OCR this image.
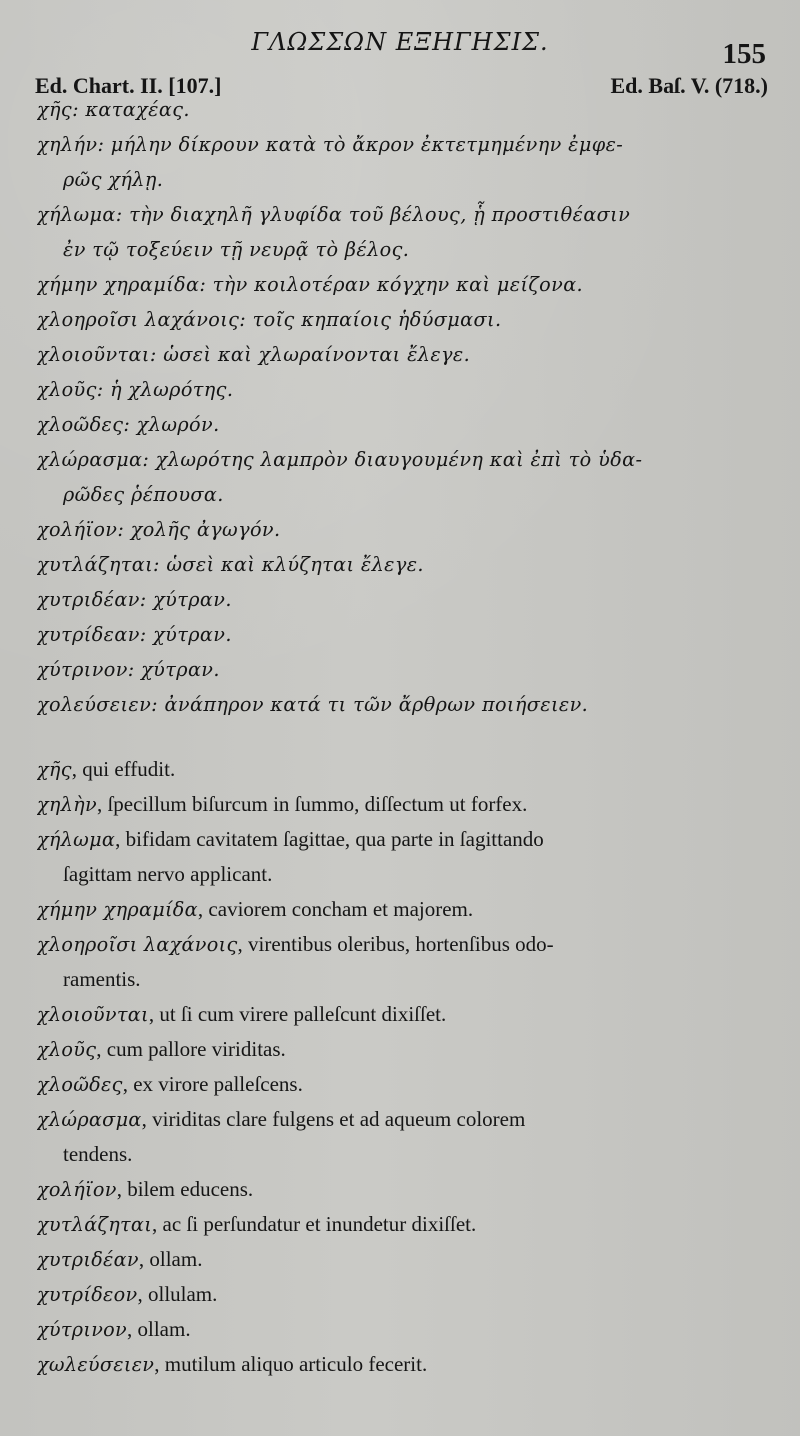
ΓΛΩΣΣΩΝ ΕΞΗΓΗΣΙΣ.	155
Ed. Chart. II. [107.]	Ed. Baſ. V. (718.)
χῆς: καταχέας.
χηλήν: μήλην δίκρουν κατὰ τὸ ἄκρον ἐκτετμημένην ἐμφε-
ρῶς χήλῃ.
χήλωμα: τὴν διαχηλῆ γλυφίδα τοῦ βέλους, ᾗ προστιθέασιν
ἐν τῷ τοξεύειν τῇ νευρᾷ τὸ βέλος.
χήμην χηραμίδα: τὴν κοιλοτέραν κόγχην καὶ μείζονα.
χλοηροῖσι λαχάνοις: τοῖς κηπαίοις ἡδύσμασι.
χλοιοῦνται: ὡσεὶ καὶ χλωραίνονται ἔλεγε.
χλοῦς: ἡ χλωρότης.
χλοῶδες: χλωρόν.
χλώρασμα: χλωρότης λαμπρὸν διαυγουμένη καὶ ἐπὶ τὸ ὑδα-
ρῶδες ῥέπουσα.
χολήϊον: χολῆς ἀγωγόν.
χυτλάζηται: ὡσεὶ καὶ κλύζηται ἔλεγε.
χυτριδέαν: χύτραν.
χυτρίδεαν: χύτραν.
χύτρινον: χύτραν.
χολεύσειεν: ἀνάπηρον κατά τι τῶν ἄρθρων ποιήσειεν.
χῆς, qui effudit.
χηλὴν, ſpecillum biſurcum in ſummo, diſſectum ut forfex.
χήλωμα, bifidam cavitatem ſagittae, qua parte in ſagittando
ſagittam nervo applicant.
χήμην χηραμίδα, caviorem concham et majorem.
χλοηροῖσι λαχάνοις, virentibus oleribus, hortenſibus odo-
ramentis.
χλοιοῦνται, ut ſi cum virere palleſcunt dixiſſet.
χλοῦς, cum pallore viriditas.
χλοῶδες, ex virore palleſcens.
χλώρασμα, viriditas clare fulgens et ad aqueum colorem
tendens.
χολήϊον, bilem educens.
χυτλάζηται, ac ſi perſundatur et inundetur dixiſſet.
χυτριδέαν, ollam.
χυτρίδεον, ollulam.
χύτρινον, ollam.
χωλεύσειεν, mutilum aliquo articulo fecerit.
